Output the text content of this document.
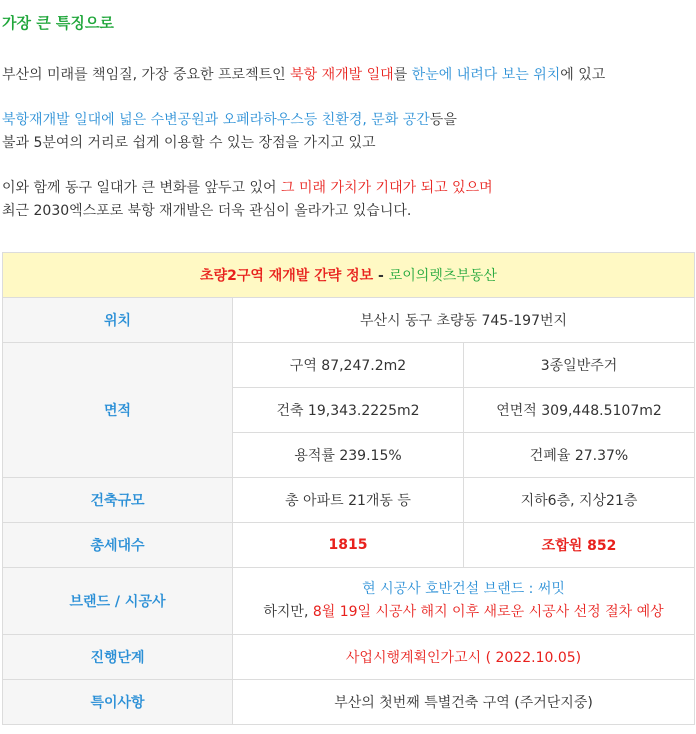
가장 큰 특징으로

부산의 미래를 책임질, 가장 중요한 프로젝트인 북항 재개발 일대를 한눈에 내려다 보는 위치에 있고

북항재개발 일대에 넓은 수변공원과 오페라하우스등 친환경, 문화 공간등을
불과 5분여의 거리로 쉽게 이용할 수 있는 장점을 가지고 있고

이와 함께 동구 일대가 큰 변화를 앞두고 있어 그 미래 가치가 기대가 되고 있으며
최근 2030엑스포로 북항 재개발은 더욱 관심이 올라가고 있습니다.

초량2구역 재개발 간략 정보 - 로이의렛츠부동산		
위치	부산시 동구 초량동 745-197번지	
면적	구역 87,247.2m2	3종일반주거
	건축 19,343.2225m2	연면적 309,448.5107m2
	용적률 239.15%	건폐율 27.37%
건축규모	총 아파트 21개동 등	지하6층, 지상21층
총세대수	1815	조합원 852
브랜드 / 시공사	현 시공사 호반건설 브랜드 : 써밋
하지만, 8월 19일 시공사 해지 이후 새로운 시공사 선정 절차 예상	
진행단계	사업시행계획인가고시 ( 2022.10.05)	
특이사항	부산의 첫번째 특별건축 구역 (주거단지중)	
